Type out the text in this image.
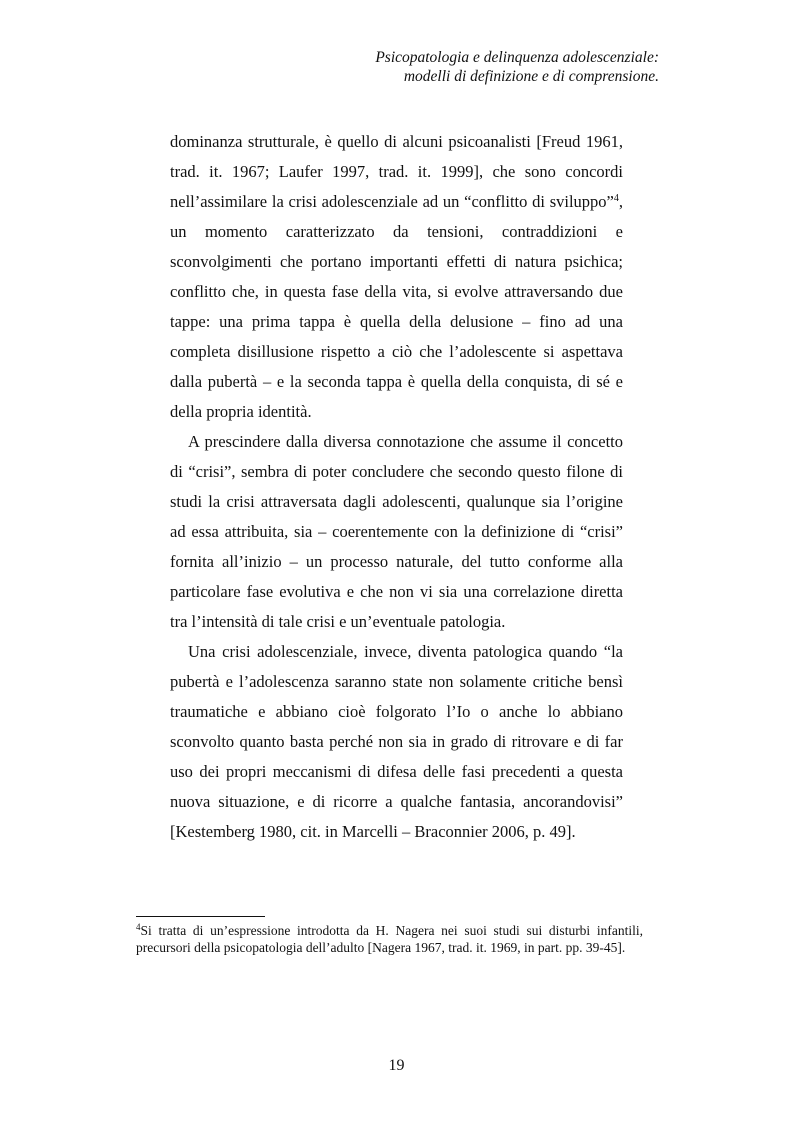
Psicopatologia e delinquenza adolescenziale:
modelli di definizione e di comprensione.

dominanza strutturale, è quello di alcuni psicoanalisti [Freud 1961, trad. it. 1967; Laufer 1997, trad. it. 1999], che sono concordi nell’assimilare la crisi adolescenziale ad un “conflitto di sviluppo”$^4$, un momento caratterizzato da tensioni, contraddizioni e sconvolgimenti che portano importanti effetti di natura psichica; conflitto che, in questa fase della vita, si evolve attraversando due tappe: una prima tappa è quella della delusione – fino ad una completa disillusione rispetto a ciò che l’adolescente si aspettava dalla pubertà – e la seconda tappa è quella della conquista, di sé e della propria identità.

A prescindere dalla diversa connotazione che assume il concetto di “crisi”, sembra di poter concludere che secondo questo filone di studi la crisi attraversata dagli adolescenti, qualunque sia l’origine ad essa attribuita, sia – coerentemente con la definizione di “crisi” fornita all’inizio – un processo naturale, del tutto conforme alla particolare fase evolutiva e che non vi sia una correlazione diretta tra l’intensità di tale crisi e un’eventuale patologia.

Una crisi adolescenziale, invece, diventa patologica quando “la pubertà e l’adolescenza saranno state non solamente critiche bensì traumatiche e abbiano cioè folgorato l’Io o anche lo abbiano sconvolto quanto basta perché non sia in grado di ritrovare e di far uso dei propri meccanismi di difesa delle fasi precedenti a questa nuova situazione, e di ricorre a qualche fantasia, ancorandovisi” [Kestemberg 1980, cit. in Marcelli – Braconnier 2006, p. 49].

$^4$Si tratta di un’espressione introdotta da H. Nagera nei suoi studi sui disturbi infantili, precursori della psicopatologia dell’adulto [Nagera 1967, trad. it. 1969, in part. pp. 39-45].
19
